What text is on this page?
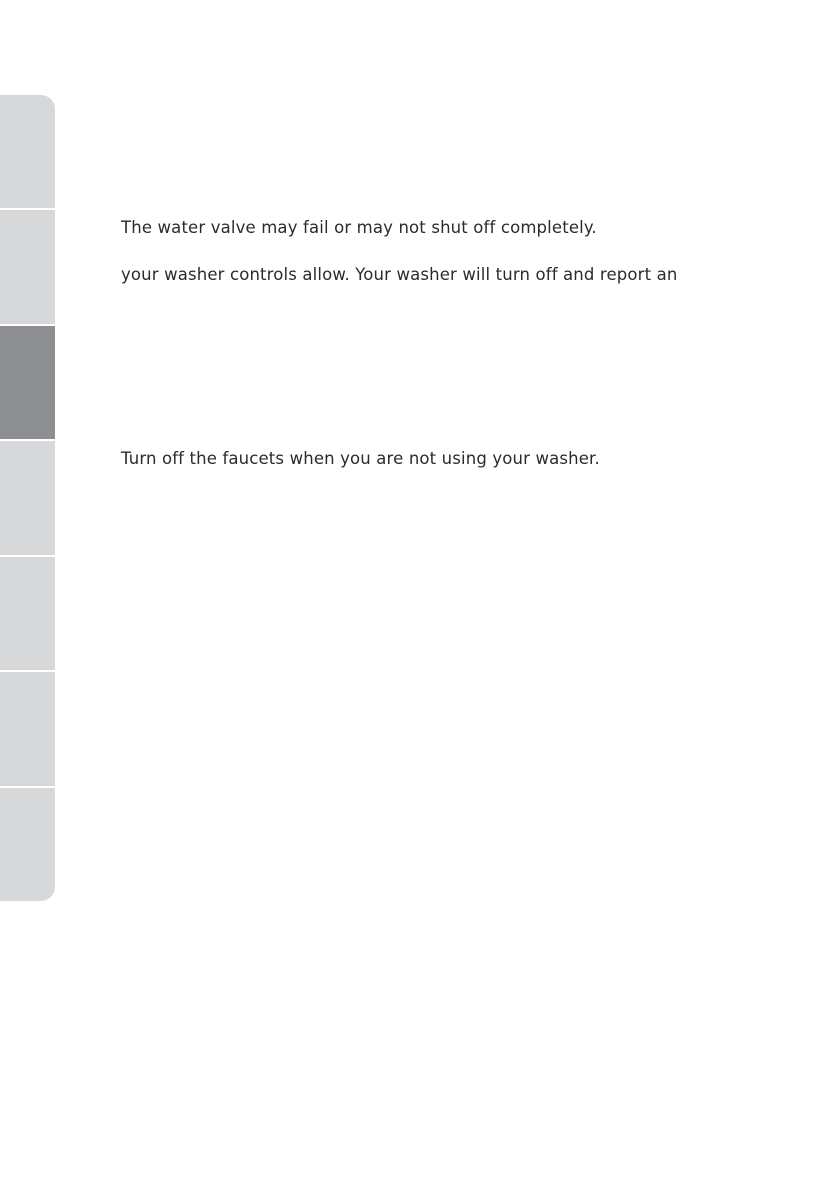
The water valve may fail or may not shut off completely.
your washer controls allow. Your washer will turn off and report an
Turn off the faucets when you are not using your washer.
